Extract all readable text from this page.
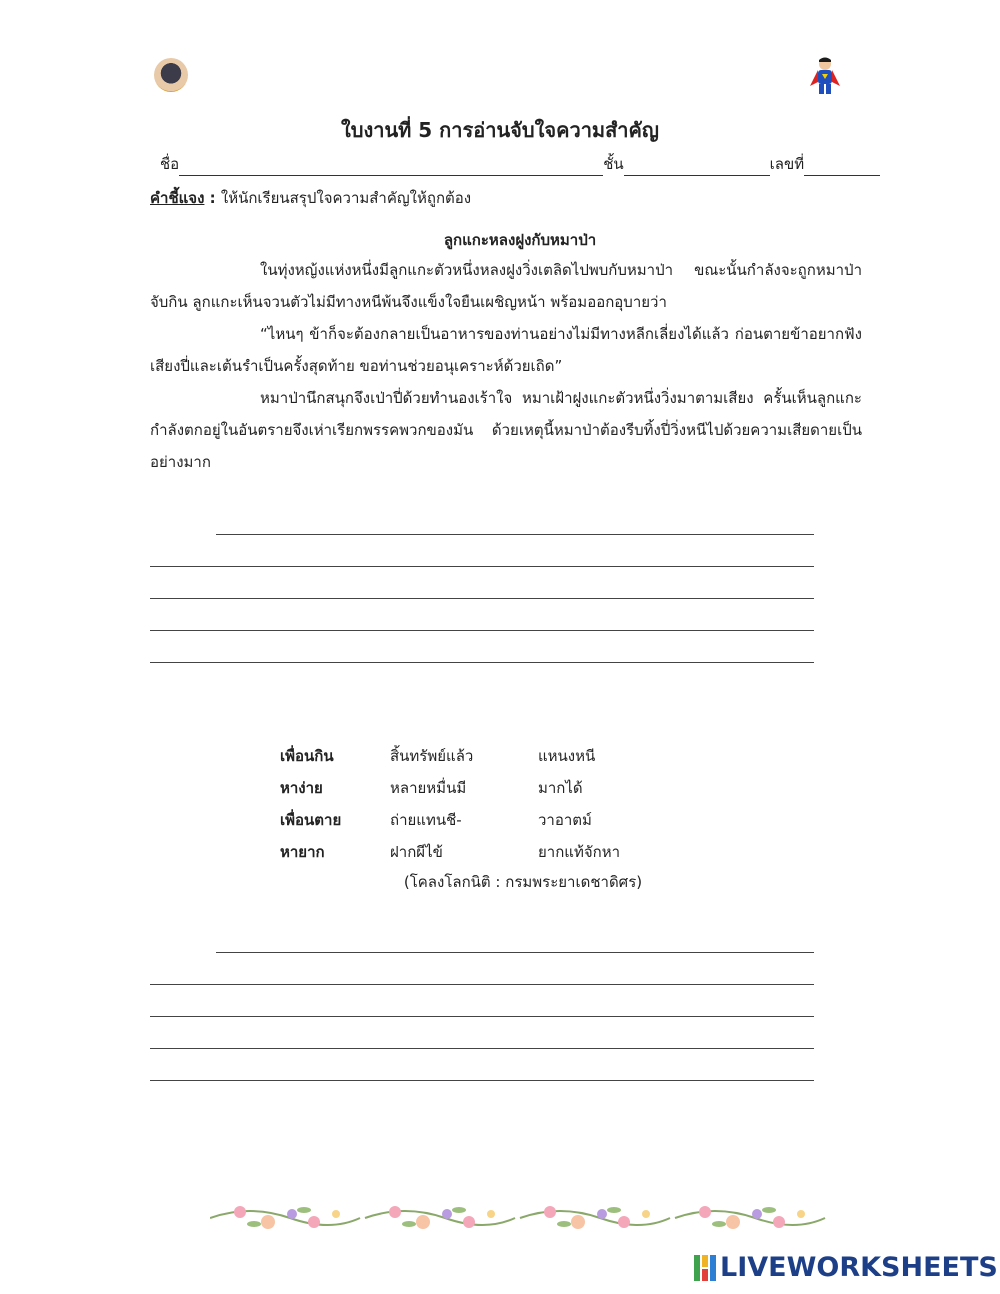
ใบงานที่ 5 การอ่านจับใจความสำคัญ
ชื่อ	ชั้น	เลขที่
คำชี้แจง : ให้นักเรียนสรุปใจความสำคัญให้ถูกต้อง
ลูกแกะหลงฝูงกับหมาป่า
ในทุ่งหญ้งแห่งหนึ่งมีลูกแกะตัวหนึ่งหลงฝูงวิ่งเตลิดไปพบกับหมาป่า ขณะนั้นกำลังจะถูกหมาป่าจับกิน ลูกแกะเห็นจวนตัวไม่มีทางหนีพ้นจึงแข็งใจยืนเผชิญหน้า พร้อมออกอุบายว่า
“ไหนๆ ข้าก็จะต้องกลายเป็นอาหารของท่านอย่างไม่มีทางหลีกเลี่ยงได้แล้ว ก่อนตายข้าอยากฟังเสียงปี่และเต้นรำเป็นครั้งสุดท้าย ขอท่านช่วยอนุเคราะห์ด้วยเถิด”
หมาป่านึกสนุกจึงเป่าปี่ด้วยทำนองเร้าใจ หมาเฝ้าฝูงแกะตัวหนึ่งวิ่งมาตามเสียง ครั้นเห็นลูกแกะกำลังตกอยู่ในอันตรายจึงเห่าเรียกพรรคพวกของมัน ด้วยเหตุนี้หมาป่าต้องรีบทิ้งปี่วิ่งหนีไปด้วยความเสียดายเป็นอย่างมาก
เพื่อนกิน	สิ้นทรัพย์แล้ว	แหนงหนี
หาง่าย	หลายหมื่นมี	มากได้
เพื่อนตาย	ถ่ายแทนชี-	วาอาตม์
หายาก	ฝากผีไข้	ยากแท้จักหา
(โคลงโลกนิติ : กรมพระยาเดชาดิศร)
LIVEWORKSHEETS
